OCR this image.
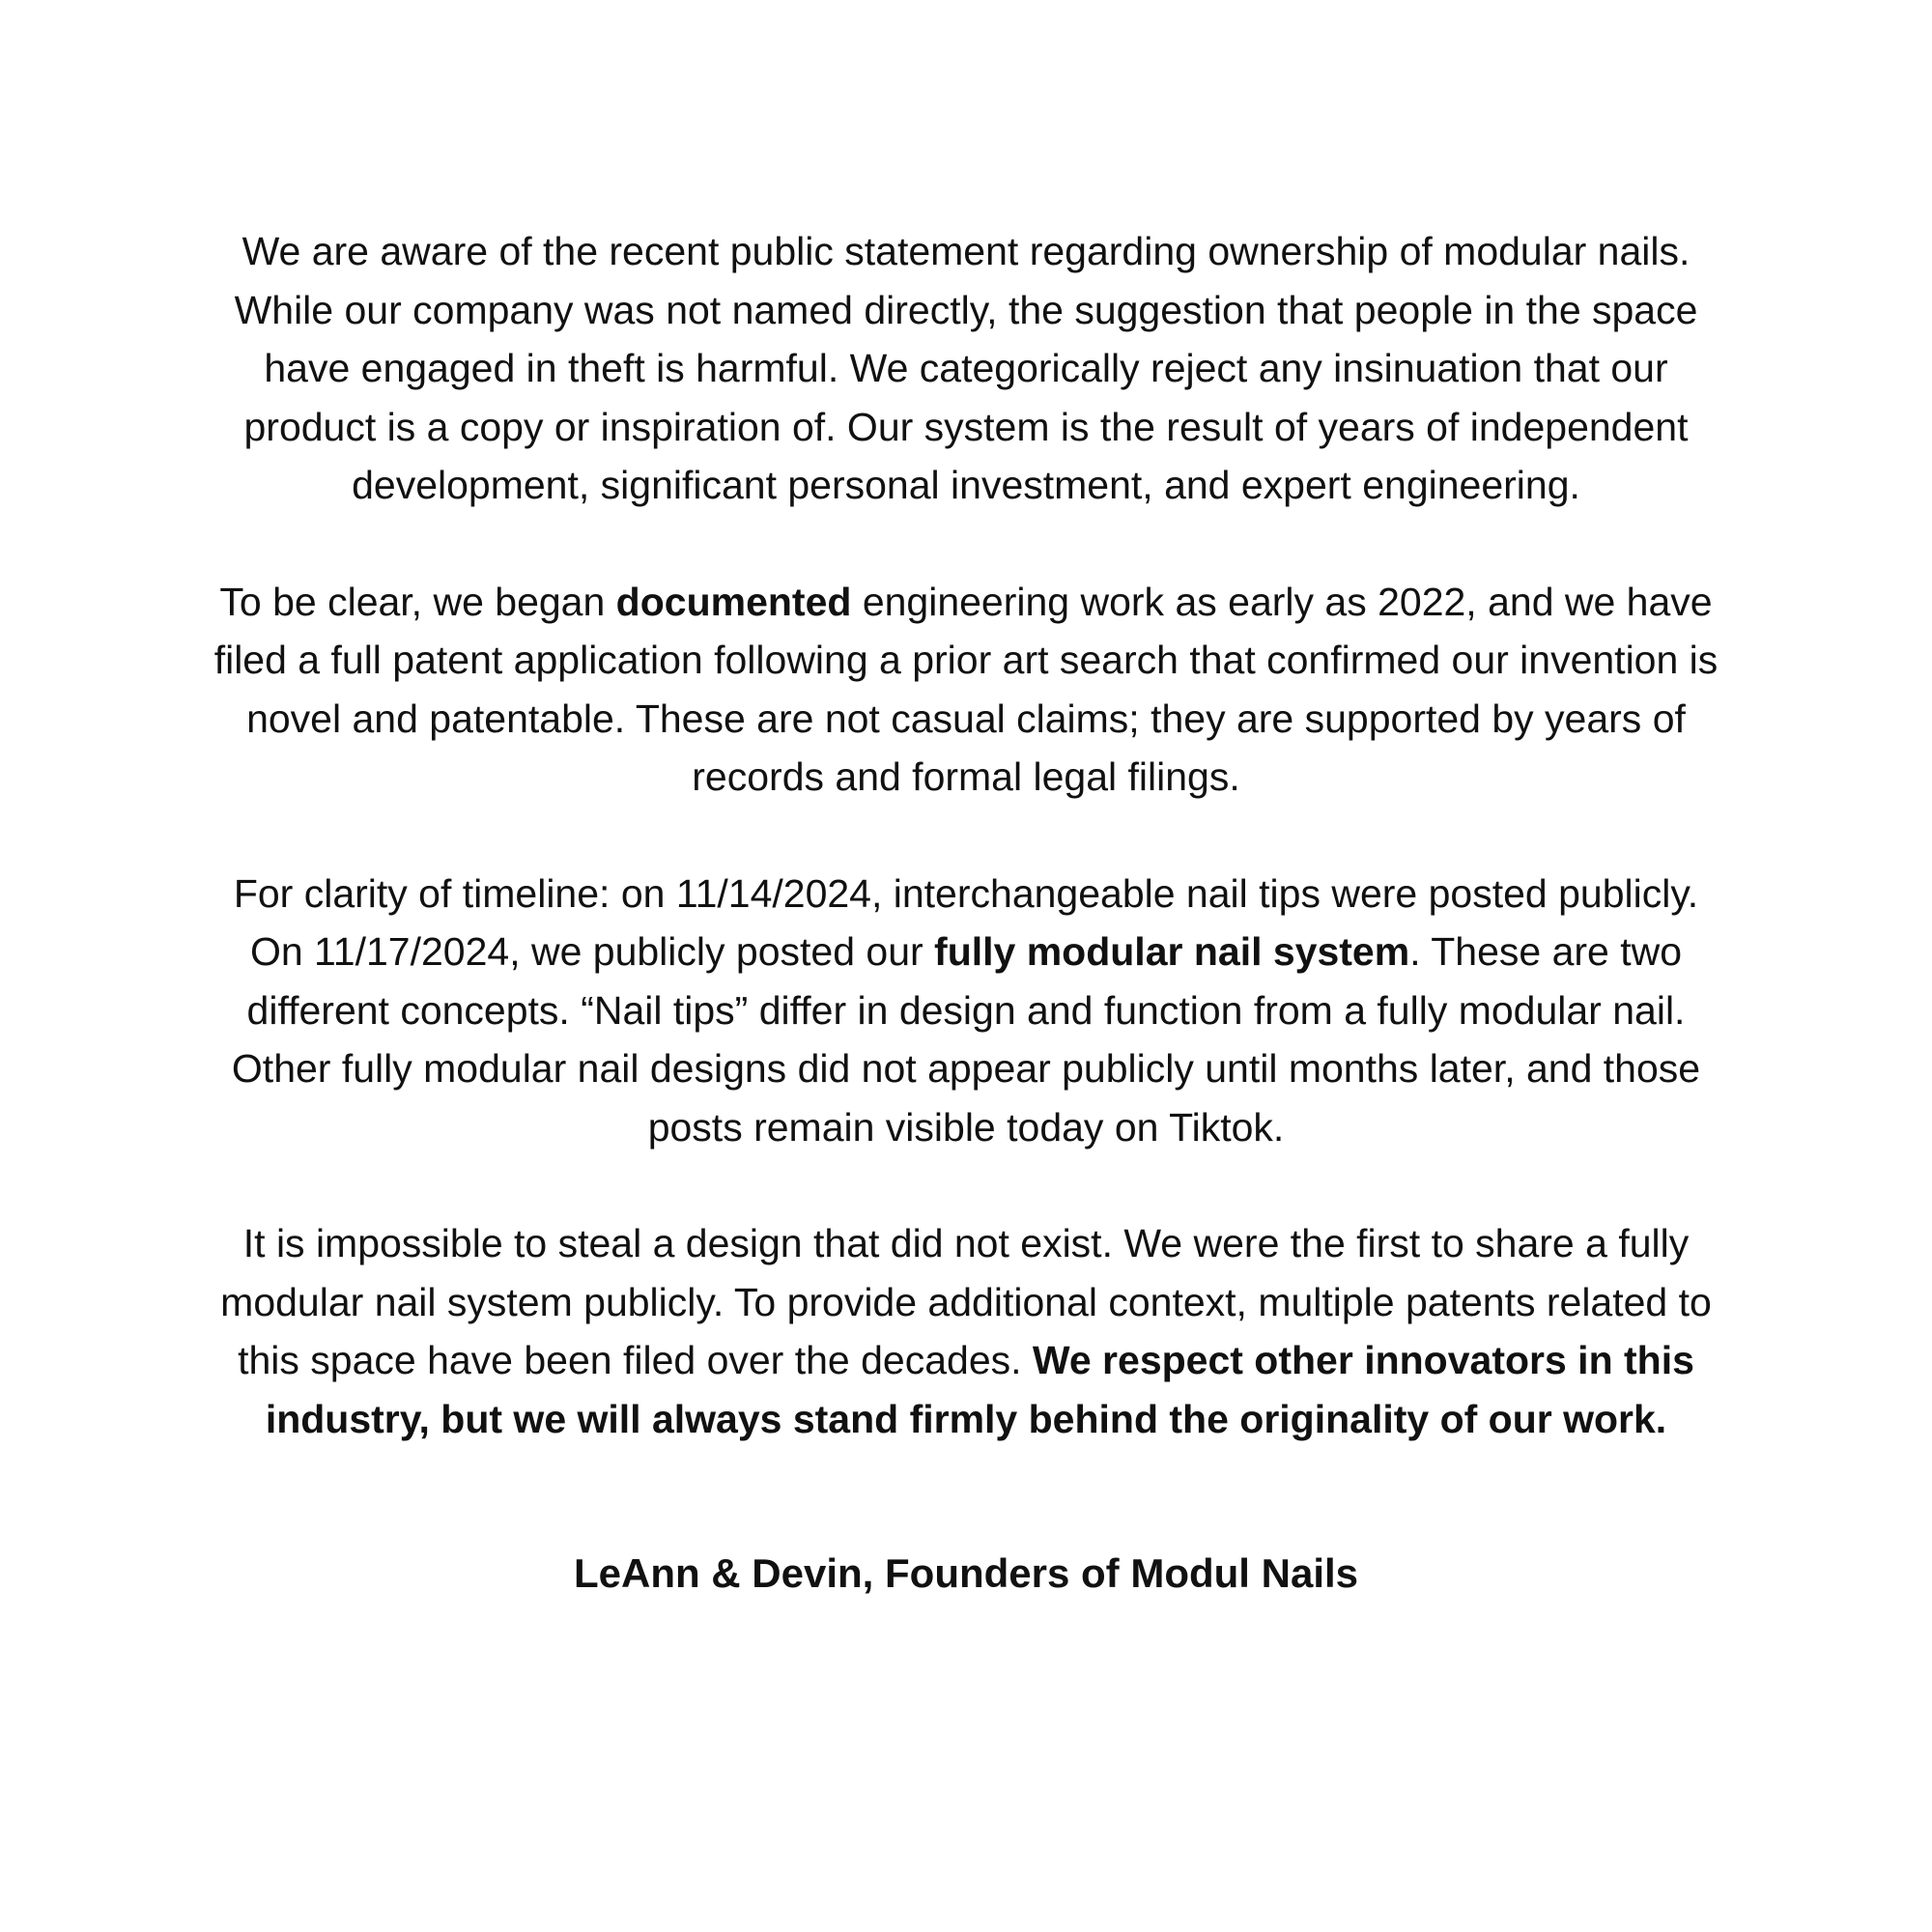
We are aware of the recent public statement regarding ownership of modular nails. While our company was not named directly, the suggestion that people in the space have engaged in theft is harmful. We categorically reject any insinuation that our product is a copy or inspiration of. Our system is the result of years of independent development, significant personal investment, and expert engineering.

To be clear, we began documented engineering work as early as 2022, and we have filed a full patent application following a prior art search that confirmed our invention is novel and patentable. These are not casual claims; they are supported by years of records and formal legal filings.

For clarity of timeline: on 11/14/2024, interchangeable nail tips were posted publicly. On 11/17/2024, we publicly posted our fully modular nail system. These are two different concepts. “Nail tips” differ in design and function from a fully modular nail. Other fully modular nail designs did not appear publicly until months later, and those posts remain visible today on Tiktok.

It is impossible to steal a design that did not exist. We were the first to share a fully modular nail system publicly. To provide additional context, multiple patents related to this space have been filed over the decades. We respect other innovators in this industry, but we will always stand firmly behind the originality of our work.

LeAnn & Devin, Founders of Modul Nails
